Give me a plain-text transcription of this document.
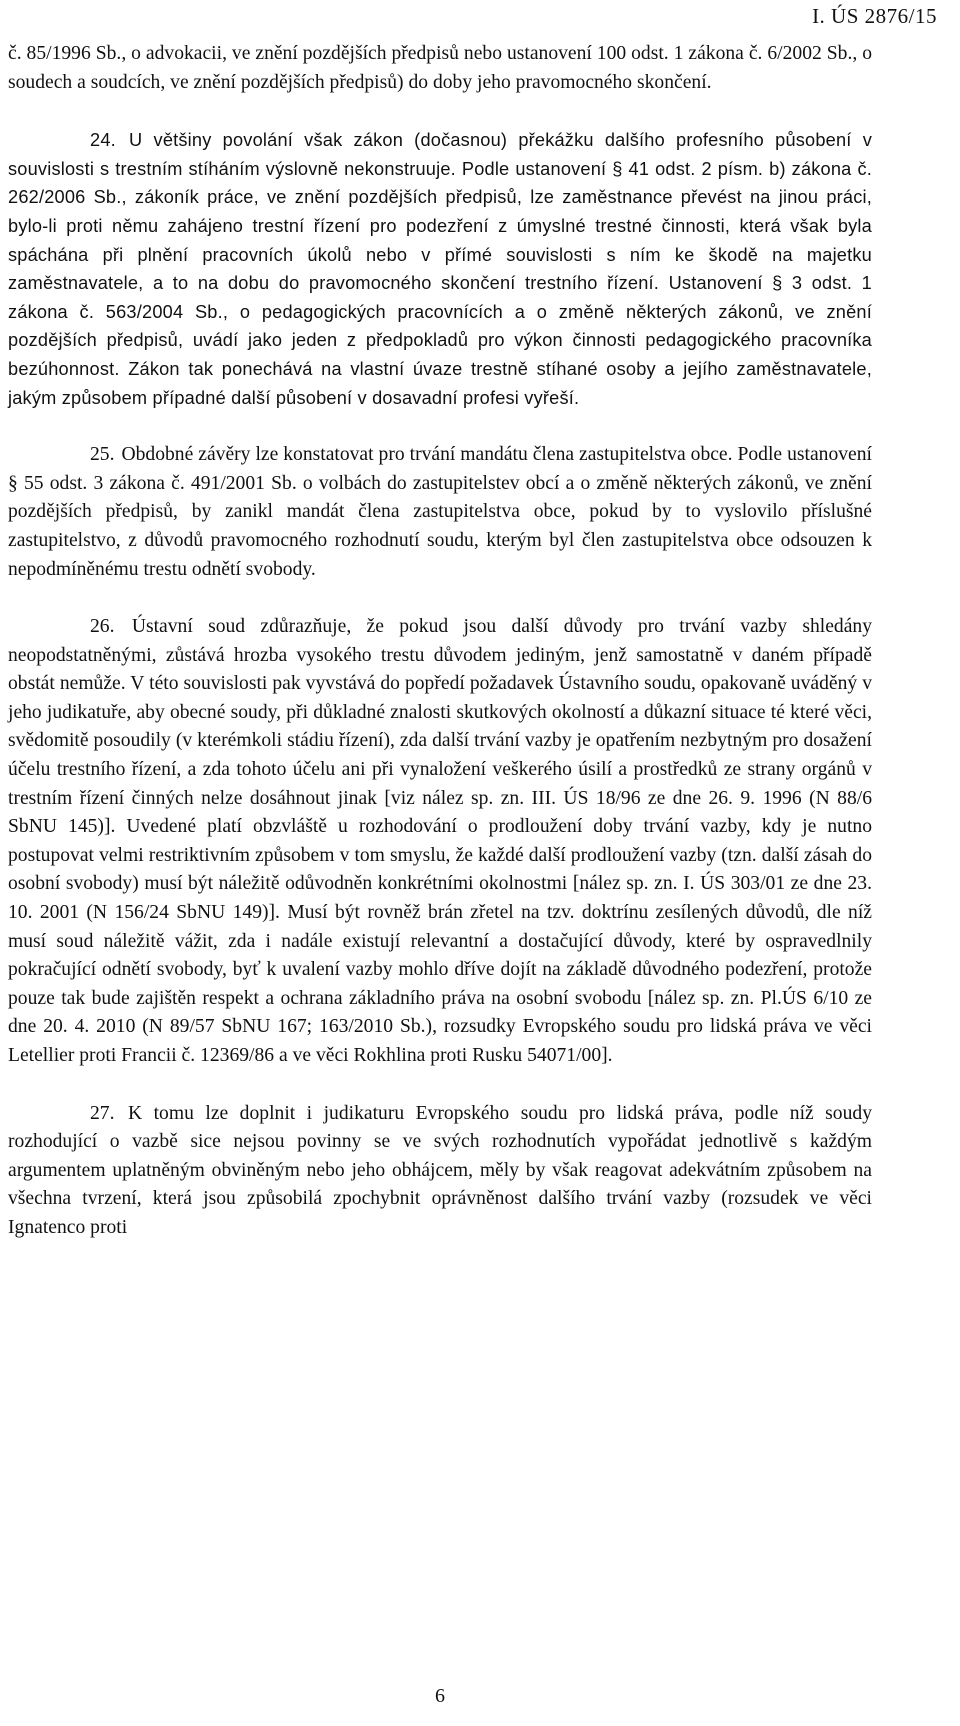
I. ÚS 2876/15

č. 85/1996 Sb., o advokacii, ve znění pozdějších předpisů nebo ustanovení 100 odst. 1 zákona č. 6/2002 Sb., o soudech a soudcích, ve znění pozdějších předpisů) do doby jeho pravomocného skončení.

24. U většiny povolání však zákon (dočasnou) překážku dalšího profesního působení v souvislosti s trestním stíháním výslovně nekonstruuje. Podle ustanovení § 41 odst. 2 písm. b) zákona č. 262/2006 Sb., zákoník práce, ve znění pozdějších předpisů, lze zaměstnance převést na jinou práci, bylo-li proti němu zahájeno trestní řízení pro podezření z úmyslné trestné činnosti, která však byla spáchána při plnění pracovních úkolů nebo v přímé souvislosti s ním ke škodě na majetku zaměstnavatele, a to na dobu do pravomocného skončení trestního řízení. Ustanovení § 3 odst. 1 zákona č. 563/2004 Sb., o pedagogických pracovnících a o změně některých zákonů, ve znění pozdějších předpisů, uvádí jako jeden z předpokladů pro výkon činnosti pedagogického pracovníka bezúhonnost. Zákon tak ponechává na vlastní úvaze trestně stíhané osoby a jejího zaměstnavatele, jakým způsobem případné další působení v dosavadní profesi vyřeší.

25. Obdobné závěry lze konstatovat pro trvání mandátu člena zastupitelstva obce. Podle ustanovení § 55 odst. 3 zákona č. 491/2001 Sb. o volbách do zastupitelstev obcí a o změně některých zákonů, ve znění pozdějších předpisů, by zanikl mandát člena zastupitelstva obce, pokud by to vyslovilo příslušné zastupitelstvo, z důvodů pravomocného rozhodnutí soudu, kterým byl člen zastupitelstva obce odsouzen k nepodmíněnému trestu odnětí svobody.

26. Ústavní soud zdůrazňuje, že pokud jsou další důvody pro trvání vazby shledány neopodstatněnými, zůstává hrozba vysokého trestu důvodem jediným, jenž samostatně v daném případě obstát nemůže. V této souvislosti pak vyvstává do popředí požadavek Ústavního soudu, opakovaně uváděný v jeho judikatuře, aby obecné soudy, při důkladné znalosti skutkových okolností a důkazní situace té které věci, svědomitě posoudily (v kterémkoli stádiu řízení), zda další trvání vazby je opatřením nezbytným pro dosažení účelu trestního řízení, a zda tohoto účelu ani při vynaložení veškerého úsilí a prostředků ze strany orgánů v trestním řízení činných nelze dosáhnout jinak [viz nález sp. zn. III. ÚS 18/96 ze dne 26. 9. 1996 (N 88/6 SbNU 145)]. Uvedené platí obzvláště u rozhodování o prodloužení doby trvání vazby, kdy je nutno postupovat velmi restriktivním způsobem v tom smyslu, že každé další prodloužení vazby (tzn. další zásah do osobní svobody) musí být náležitě odůvodněn konkrétními okolnostmi [nález sp. zn. I. ÚS 303/01 ze dne 23. 10. 2001 (N 156/24 SbNU 149)]. Musí být rovněž brán zřetel na tzv. doktrínu zesílených důvodů, dle níž musí soud náležitě vážit, zda i nadále existují relevantní a dostačující důvody, které by ospravedlnily pokračující odnětí svobody, byť k uvalení vazby mohlo dříve dojít na základě důvodného podezření, protože pouze tak bude zajištěn respekt a ochrana základního práva na osobní svobodu [nález sp. zn. Pl.ÚS 6/10 ze dne 20. 4. 2010 (N 89/57 SbNU 167; 163/2010 Sb.), rozsudky Evropského soudu pro lidská práva ve věci Letellier proti Francii č. 12369/86 a ve věci Rokhlina proti Rusku 54071/00].

27. K tomu lze doplnit i judikaturu Evropského soudu pro lidská práva, podle níž soudy rozhodující o vazbě sice nejsou povinny se ve svých rozhodnutích vypořádat jednotlivě s každým argumentem uplatněným obviněným nebo jeho obhájcem, měly by však reagovat adekvátním způsobem na všechna tvrzení, která jsou způsobilá zpochybnit oprávněnost dalšího trvání vazby (rozsudek ve věci Ignatenco proti

6
